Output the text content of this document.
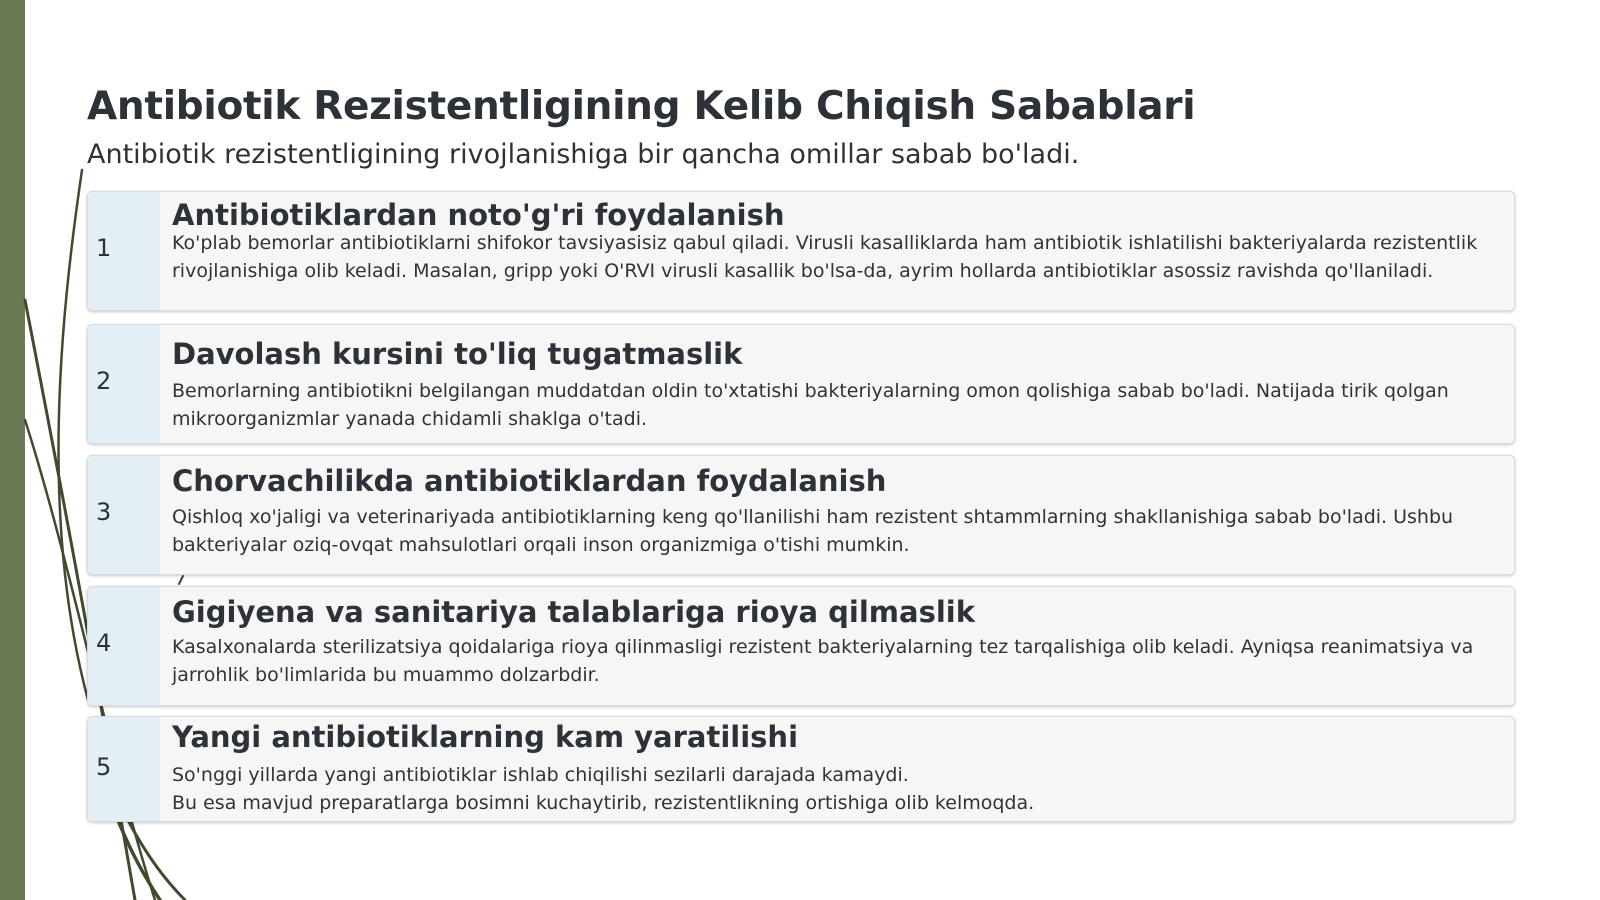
Antibiotik Rezistentligining Kelib Chiqish Sabablari

Antibiotik rezistentligining rivojlanishiga bir qancha omillar sabab bo'ladi.

1
Antibiotiklardan noto'g'ri foydalanish

Ko'plab bemorlar antibiotiklarni shifokor tavsiyasisiz qabul qiladi. Virusli kasalliklarda ham antibiotik ishlatilishi bakteriyalarda rezistentlik rivojlanishiga olib keladi. Masalan, gripp yoki O'RVI virusli kasallik bo'lsa-da, ayrim hollarda antibiotiklar asossiz ravishda qo'llaniladi.

2
Davolash kursini to'liq tugatmaslik

Bemorlarning antibiotikni belgilangan muddatdan oldin to'xtatishi bakteriyalarning omon qolishiga sabab bo'ladi. Natijada tirik qolgan mikroorganizmlar yanada chidamli shaklga o'tadi.

3
Chorvachilikda antibiotiklardan foydalanish

Qishloq xo'jaligi va veterinariyada antibiotiklarning keng qo'llanilishi ham rezistent shtammlarning shakllanishiga sabab bo'ladi. Ushbu bakteriyalar oziq-ovqat mahsulotlari orqali inson organizmiga o'tishi mumkin.

4
Gigiyena va sanitariya talablariga rioya qilmaslik

Kasalxonalarda sterilizatsiya qoidalariga rioya qilinmasligi rezistent bakteriyalarning tez tarqalishiga olib keladi. Ayniqsa reanimatsiya va jarrohlik bo'limlarida bu muammo dolzarbdir.

5
Yangi antibiotiklarning kam yaratilishi

So'nggi yillarda yangi antibiotiklar ishlab chiqilishi sezilarli darajada kamaydi.
Bu esa mavjud preparatlarga bosimni kuchaytirib, rezistentlikning ortishiga olib kelmoqda.
